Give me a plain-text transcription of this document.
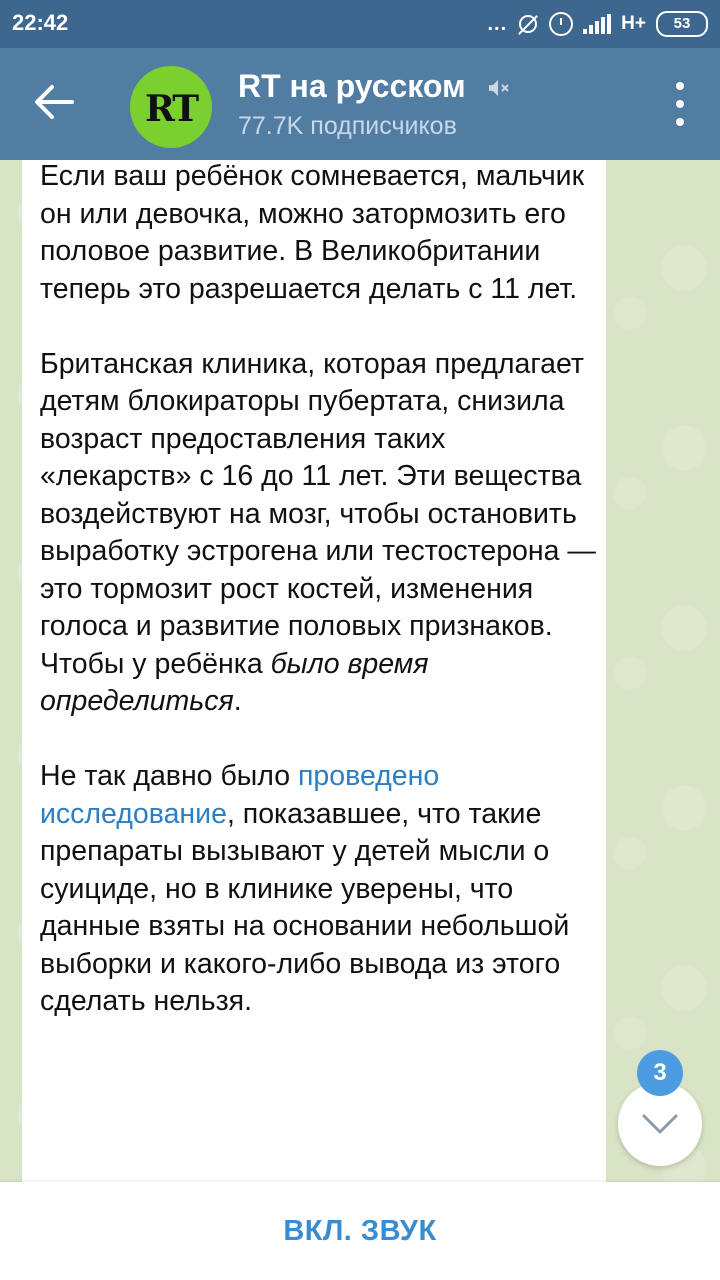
22:42	...	H+	53
RT
RT на русском
77.7K подписчиков

Если ваш ребёнок сомневается, мальчик он или девочка, можно затормозить его половое развитие. В Великобритании теперь это разрешается делать с 11 лет.

Британская клиника, которая предлагает детям блокираторы пубертата, снизила возраст предоставления таких «лекарств» с 16 до 11 лет. Эти вещества воздействуют на мозг, чтобы остановить выработку эстрогена или тестостерона — это тормозит рост костей, изменения голоса и развитие половых признаков. Чтобы у ребёнка было время определиться.

Не так давно было проведено исследование, показавшее, что такие препараты вызывают у детей мысли о суициде, но в клинике уверены, что данные взяты на основании небольшой выборки и какого-либо вывода из этого сделать нельзя.

3
ВКЛ. ЗВУК
